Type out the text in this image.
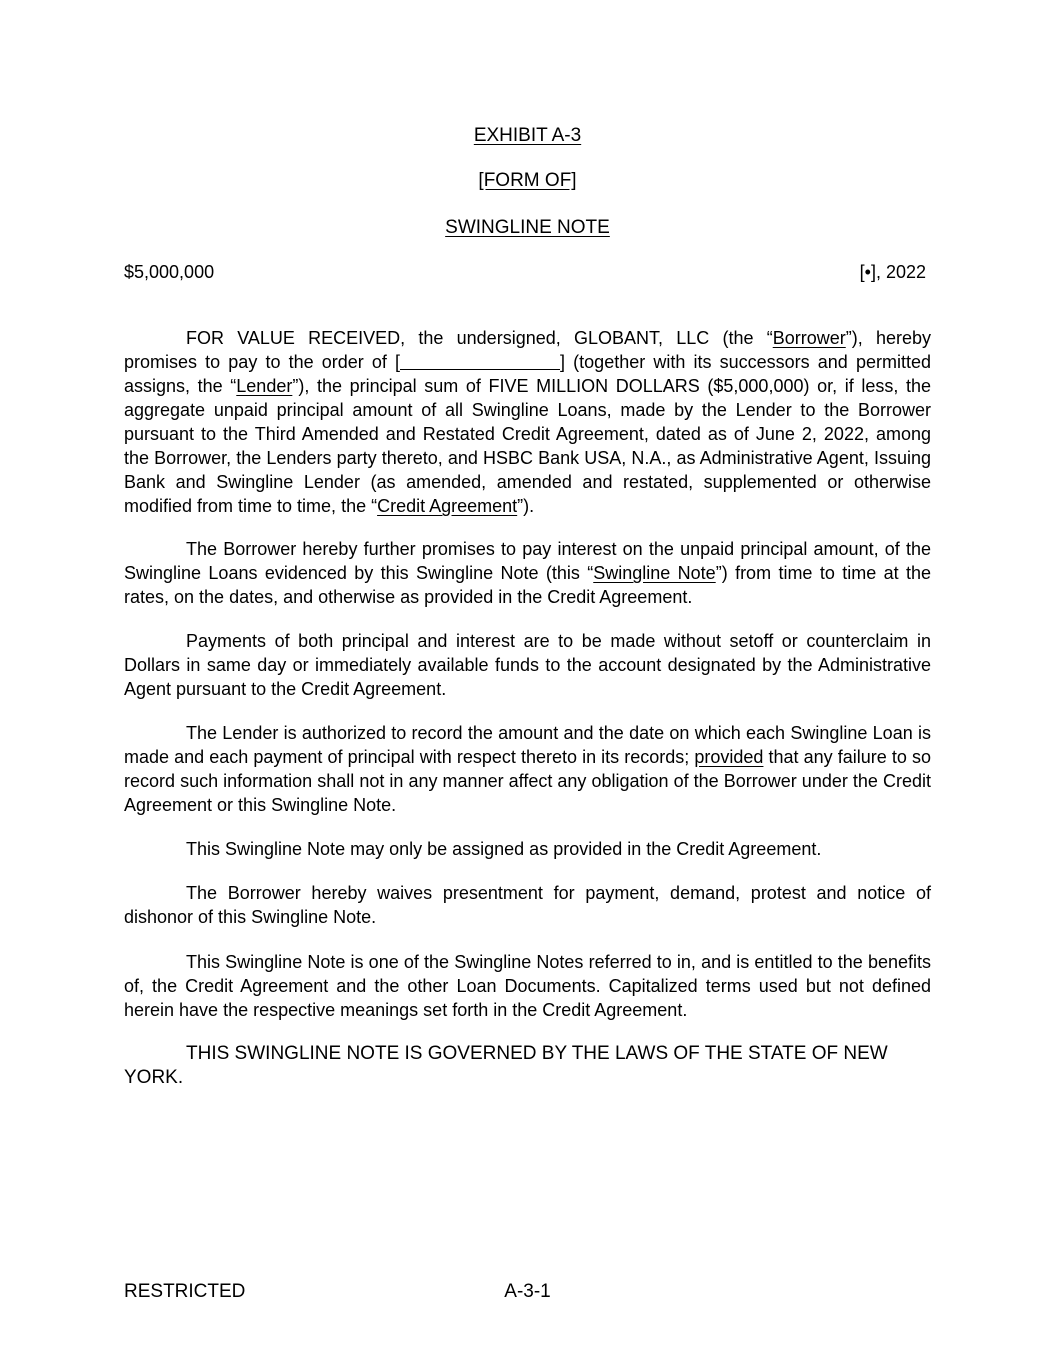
EXHIBIT A-3
[FORM OF]
SWINGLINE NOTE
$5,000,000	[•], 2022
FOR VALUE RECEIVED, the undersigned, GLOBANT, LLC (the “Borrower”), hereby promises to pay to the order of [	] (together with its successors and permitted assigns, the “Lender”), the principal sum of FIVE MILLION DOLLARS ($5,000,000) or, if less, the aggregate unpaid principal amount of all Swingline Loans, made by the Lender to the Borrower pursuant to the Third Amended and Restated Credit Agreement, dated as of June 2, 2022, among the Borrower, the Lenders party thereto, and HSBC Bank USA, N.A., as Administrative Agent, Issuing Bank and Swingline Lender (as amended, amended and restated, supplemented or otherwise modified from time to time, the “Credit Agreement”).
The Borrower hereby further promises to pay interest on the unpaid principal amount, of the Swingline Loans evidenced by this Swingline Note (this “Swingline Note”) from time to time at the rates, on the dates, and otherwise as provided in the Credit Agreement.
Payments of both principal and interest are to be made without setoff or counterclaim in Dollars in same day or immediately available funds to the account designated by the Administrative Agent pursuant to the Credit Agreement.
The Lender is authorized to record the amount and the date on which each Swingline Loan is made and each payment of principal with respect thereto in its records; provided that any failure to so record such information shall not in any manner affect any obligation of the Borrower under the Credit Agreement or this Swingline Note.
This Swingline Note may only be assigned as provided in the Credit Agreement.
The Borrower hereby waives presentment for payment, demand, protest and notice of dishonor of this Swingline Note.
This Swingline Note is one of the Swingline Notes referred to in, and is entitled to the benefits of, the Credit Agreement and the other Loan Documents. Capitalized terms used but not defined herein have the respective meanings set forth in the Credit Agreement.
THIS SWINGLINE NOTE IS GOVERNED BY THE LAWS OF THE STATE OF NEW YORK.
RESTRICTED	A-3-1
